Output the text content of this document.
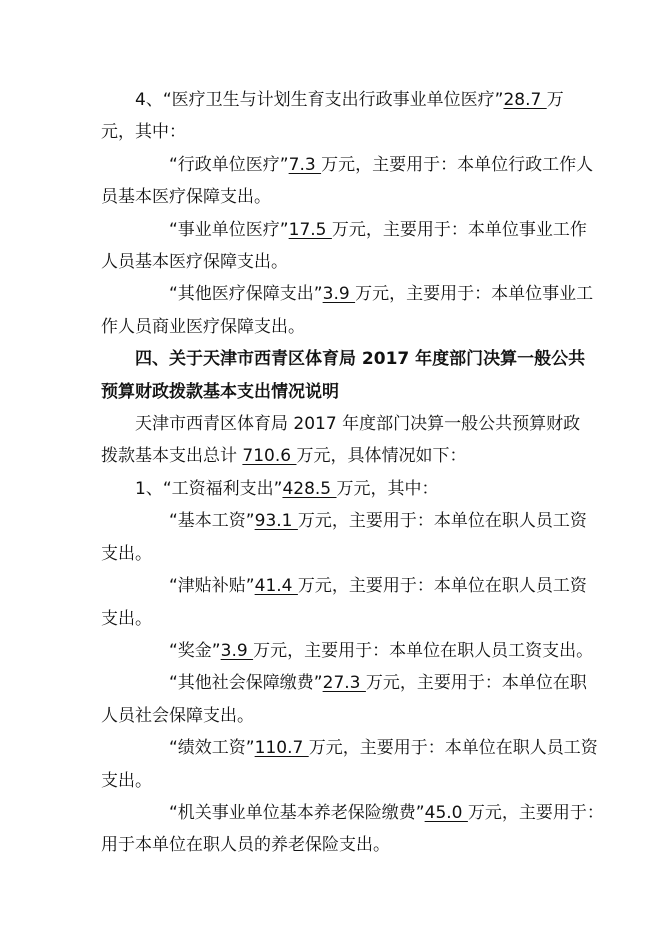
4、“医疗卫生与计划生育支出行政事业单位医疗”28.7 万
元，其中：
“行政单位医疗”7.3 万元，主要用于：本单位行政工作人
员基本医疗保障支出。
“事业单位医疗”17.5 万元，主要用于：本单位事业工作
人员基本医疗保障支出。
“其他医疗保障支出”3.9 万元，主要用于：本单位事业工
作人员商业医疗保障支出。
四、关于天津市西青区体育局 2017 年度部门决算一般公共
预算财政拨款基本支出情况说明
天津市西青区体育局 2017 年度部门决算一般公共预算财政
拨款基本支出总计 710.6 万元，具体情况如下：
1、“工资福利支出”428.5 万元，其中：
“基本工资”93.1 万元，主要用于：本单位在职人员工资
支出。
“津贴补贴”41.4 万元，主要用于：本单位在职人员工资
支出。
“奖金”3.9 万元，主要用于：本单位在职人员工资支出。
“其他社会保障缴费”27.3 万元，主要用于：本单位在职
人员社会保障支出。
“绩效工资”110.7 万元，主要用于：本单位在职人员工资
支出。
“机关事业单位基本养老保险缴费”45.0 万元，主要用于：
用于本单位在职人员的养老保险支出。
